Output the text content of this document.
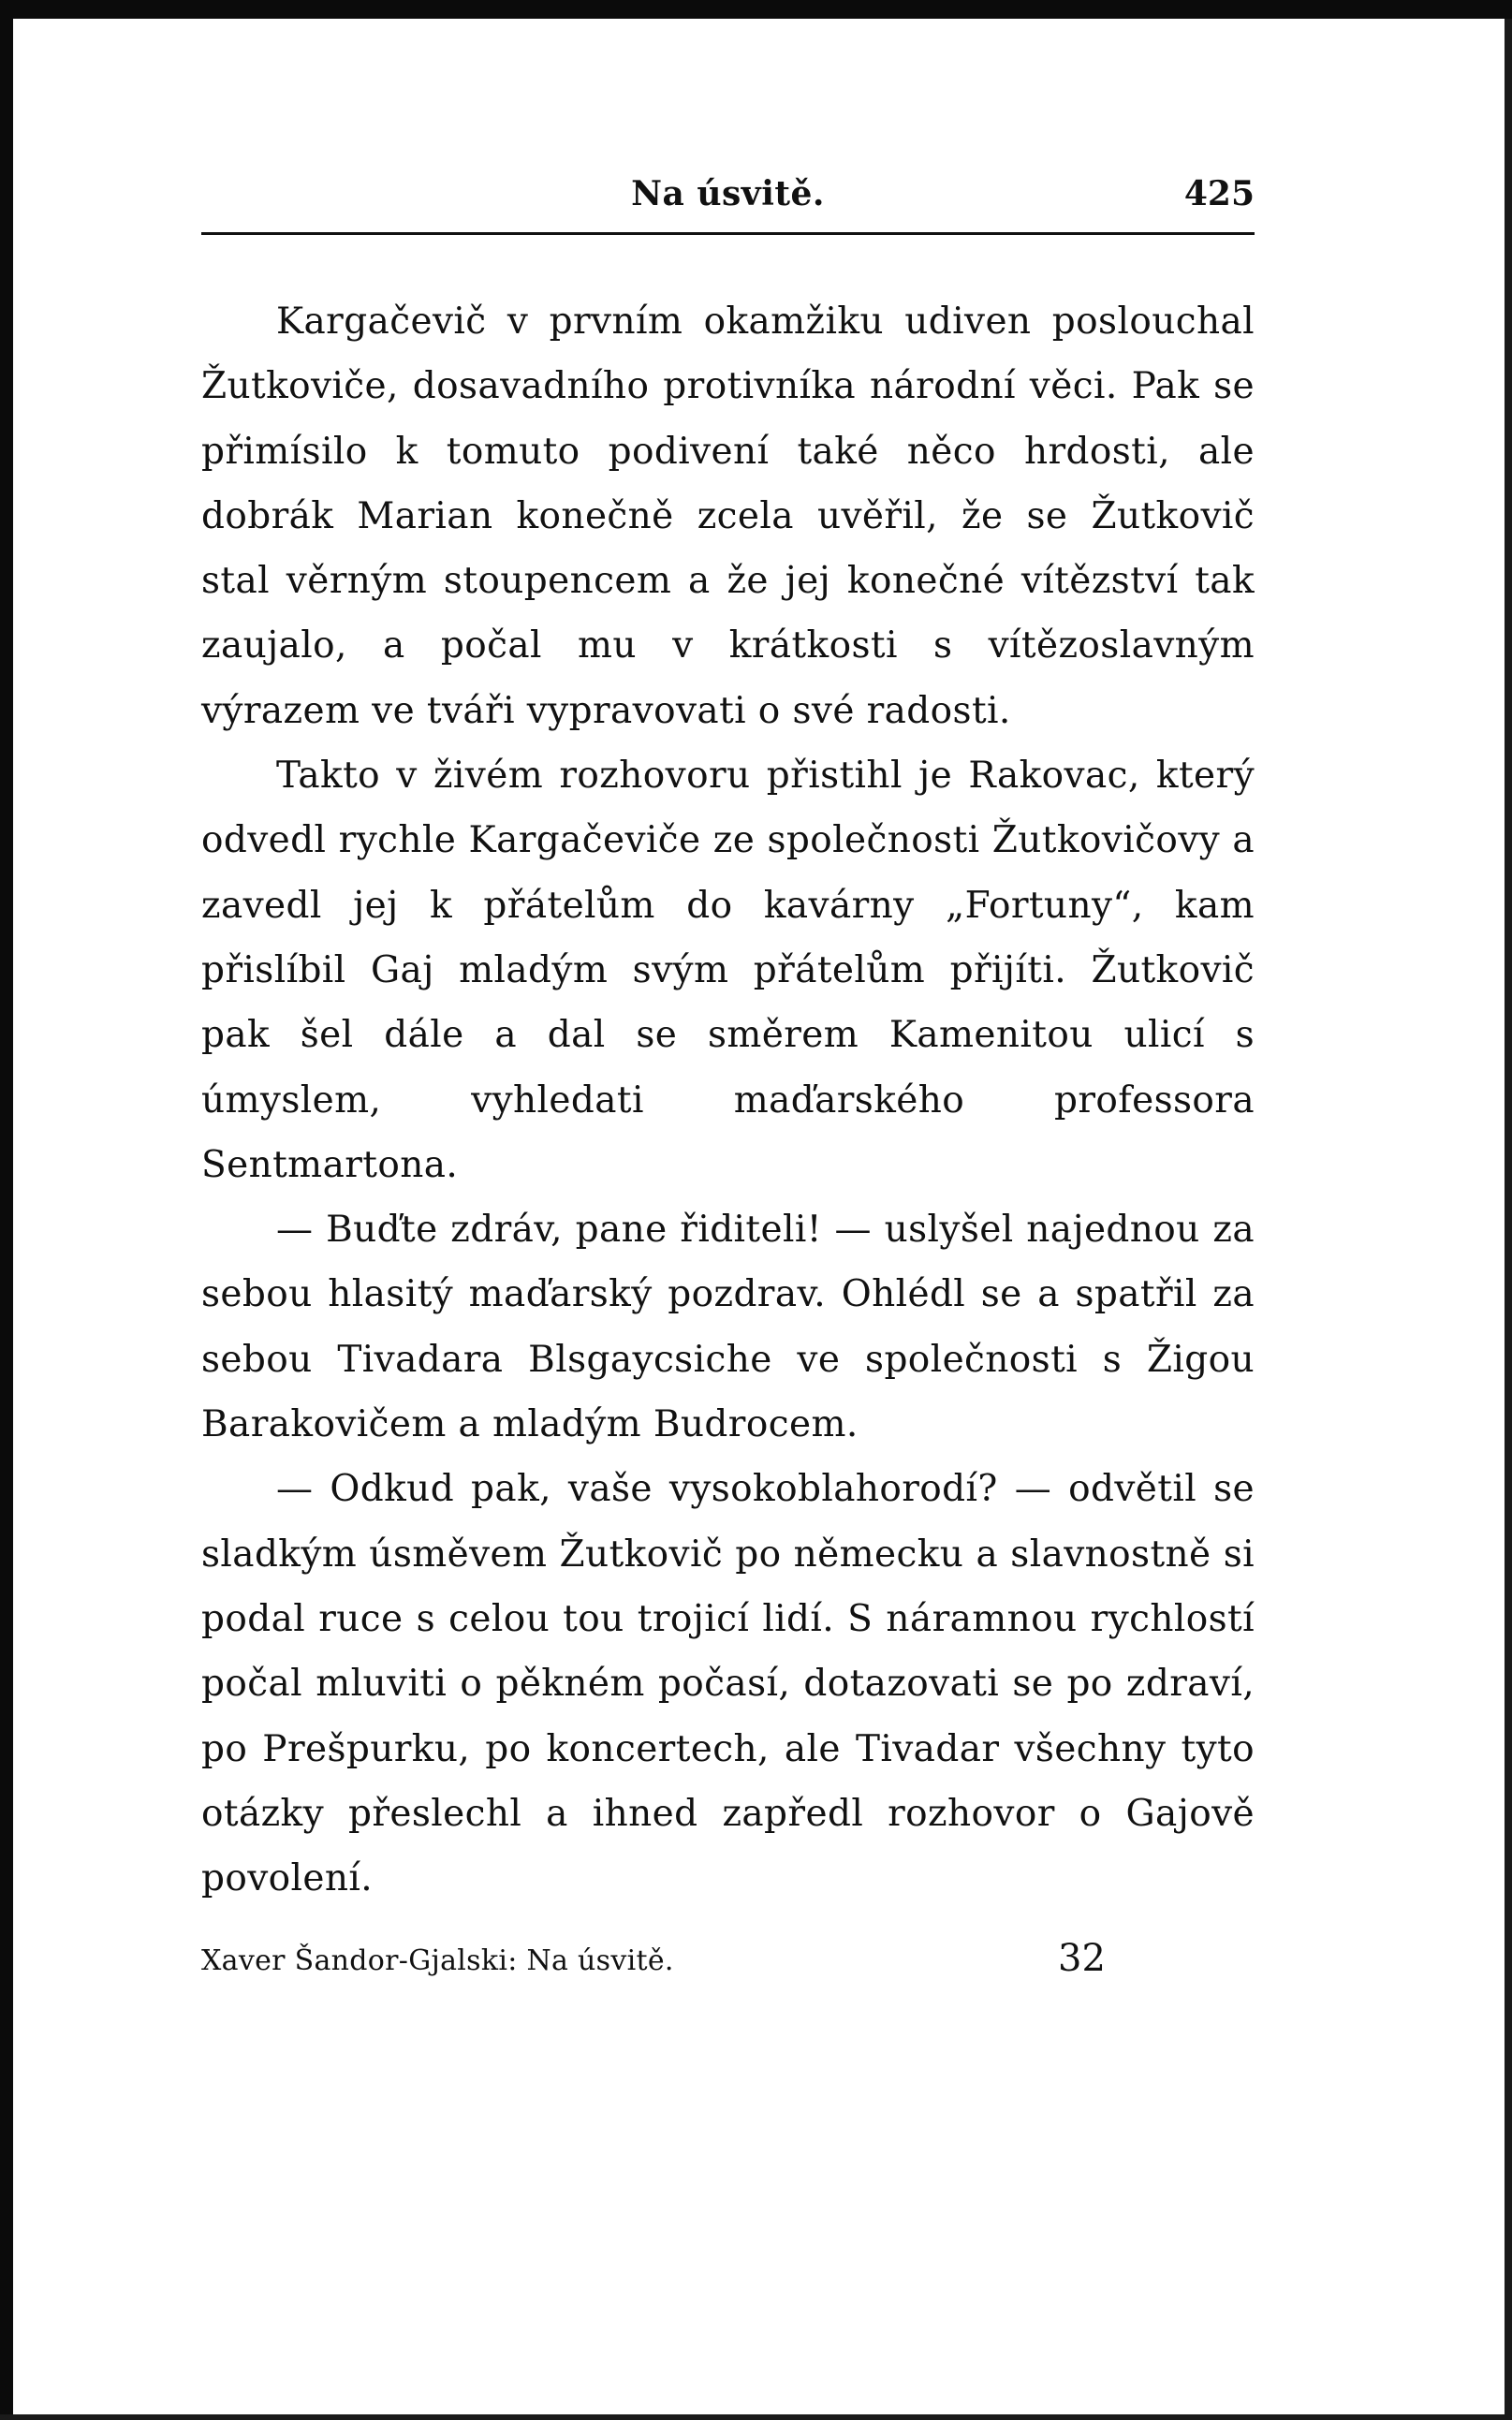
Na úsvitě.	425

Kargačevič v prvním okamžiku udiven poslouchal Žutkoviče, dosavadního protivníka národní věci. Pak se přimísilo k tomuto podivení také něco hrdosti, ale dobrák Marian konečně zcela uvěřil, že se Žutkovič stal věrným stoupencem a že jej konečné vítězství tak zaujalo, a počal mu v krátkosti s vítězoslavným výrazem ve tváři vypravovati o své radosti.

Takto v živém rozhovoru přistihl je Rakovac, který odvedl rychle Kargačeviče ze společnosti Žutkovičovy a zavedl jej k přátelům do kavárny „Fortuny“, kam přislíbil Gaj mladým svým přátelům přijíti. Žutkovič pak šel dále a dal se směrem Kamenitou ulicí s úmyslem, vyhledati maďarského professora Sentmartona.

— Buďte zdráv, pane řiditeli! — uslyšel najednou za sebou hlasitý maďarský pozdrav. Ohlédl se a spatřil za sebou Tivadara Blsgaycsiche ve společnosti s Žigou Barakovičem a mladým Budrocem.

— Odkud pak, vaše vysokoblahorodí? — odvětil se sladkým úsměvem Žutkovič po německu a slavnostně si podal ruce s celou tou trojicí lidí. S náramnou rychlostí počal mluviti o pěkném počasí, dotazovati se po zdraví, po Prešpurku, po koncertech, ale Tivadar všechny tyto otázky přeslechl a ihned zapředl rozhovor o Gajově povolení.

Xaver Šandor-Gjalski: Na úsvitě.	32
